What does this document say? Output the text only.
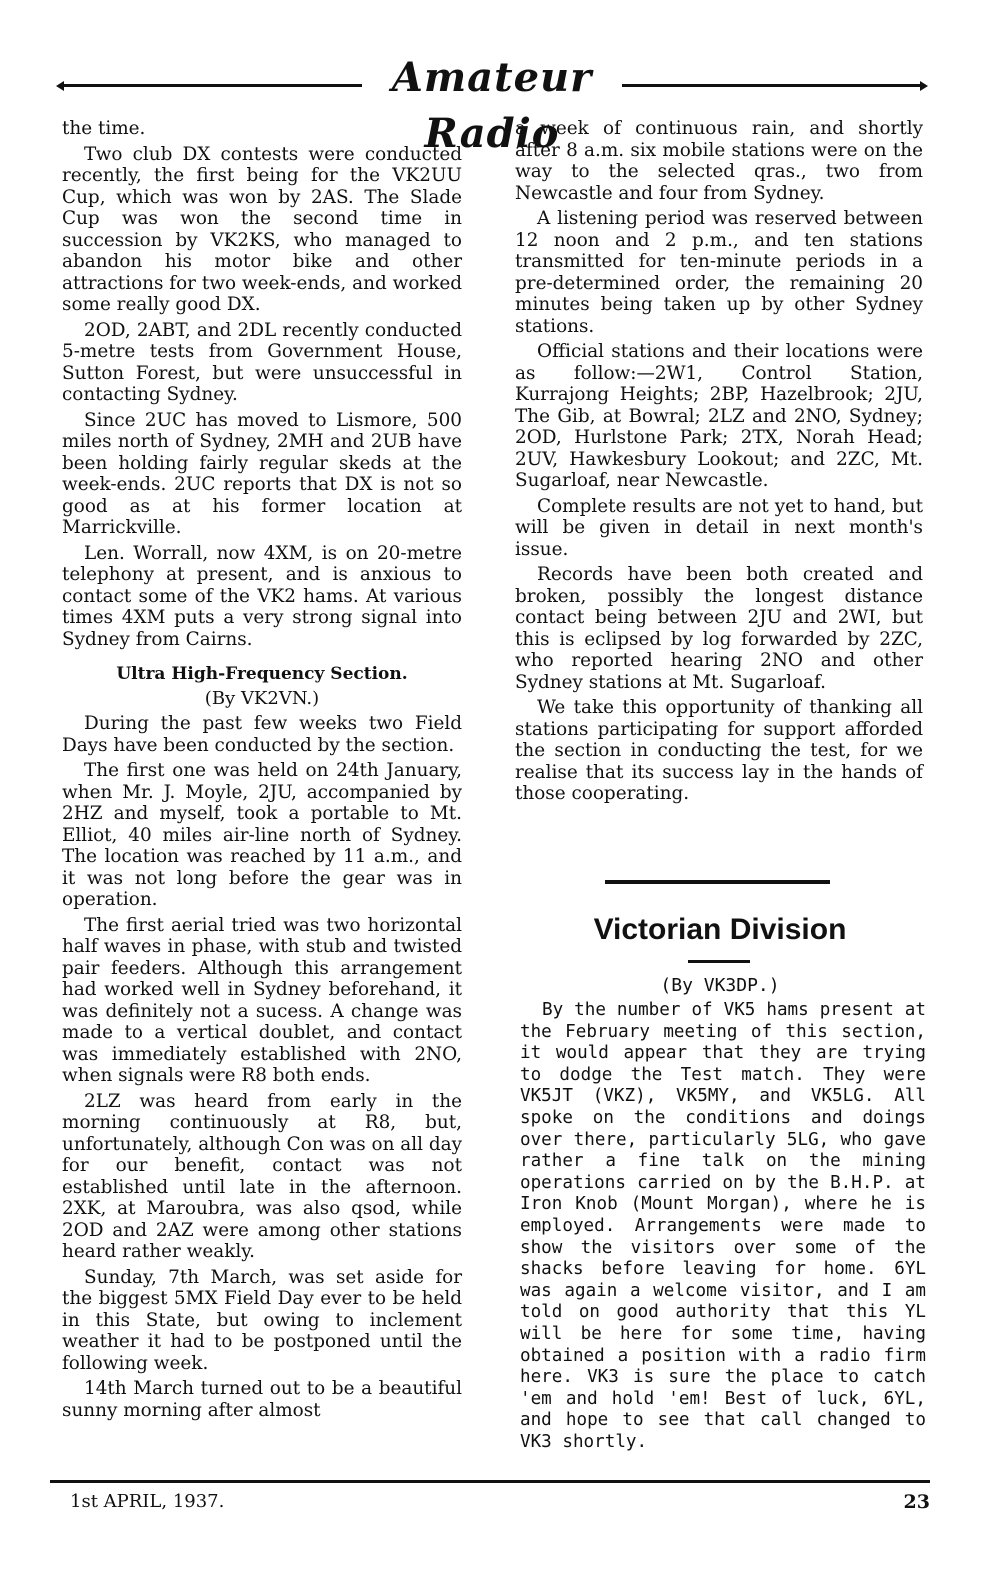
Amateur Radio

the time.

Two club DX contests were conducted recently, the first being for the VK2UU Cup, which was won by 2AS. The Slade Cup was won the second time in succession by VK2KS, who managed to abandon his motor bike and other attractions for two week-ends, and worked some really good DX.

2OD, 2ABT, and 2DL recently conducted 5-metre tests from Government House, Sutton Forest, but were unsuccessful in contacting Sydney.

Since 2UC has moved to Lismore, 500 miles north of Sydney, 2MH and 2UB have been holding fairly regular skeds at the week-ends. 2UC reports that DX is not so good as at his former location at Marrickville.

Len. Worrall, now 4XM, is on 20-metre telephony at present, and is anxious to contact some of the VK2 hams. At various times 4XM puts a very strong signal into Sydney from Cairns.

Ultra High-Frequency Section.
(By VK2VN.)

During the past few weeks two Field Days have been conducted by the section.

The first one was held on 24th January, when Mr. J. Moyle, 2JU, accompanied by 2HZ and myself, took a portable to Mt. Elliot, 40 miles air-line north of Sydney. The location was reached by 11 a.m., and it was not long before the gear was in operation.

The first aerial tried was two horizontal half waves in phase, with stub and twisted pair feeders. Although this arrangement had worked well in Sydney beforehand, it was definitely not a sucess. A change was made to a vertical doublet, and contact was immediately established with 2NO, when signals were R8 both ends.

2LZ was heard from early in the morning continuously at R8, but, unfortunately, although Con was on all day for our benefit, contact was not established until late in the afternoon. 2XK, at Maroubra, was also qsod, while 2OD and 2AZ were among other stations heard rather weakly.

Sunday, 7th March, was set aside for the biggest 5MX Field Day ever to be held in this State, but owing to inclement weather it had to be postponed until the following week.

14th March turned out to be a beautiful sunny morning after almost

a week of continuous rain, and shortly after 8 a.m. six mobile stations were on the way to the selected qras., two from Newcastle and four from Sydney.

A listening period was reserved between 12 noon and 2 p.m., and ten stations transmitted for ten-minute periods in a pre-determined order, the remaining 20 minutes being taken up by other Sydney stations.

Official stations and their locations were as follow:—2W1, Control Station, Kurrajong Heights; 2BP, Hazelbrook; 2JU, The Gib, at Bowral; 2LZ and 2NO, Sydney; 2OD, Hurlstone Park; 2TX, Norah Head; 2UV, Hawkesbury Lookout; and 2ZC, Mt. Sugarloaf, near Newcastle.

Complete results are not yet to hand, but will be given in detail in next month's issue.

Records have been both created and broken, possibly the longest distance contact being between 2JU and 2WI, but this is eclipsed by log forwarded by 2ZC, who reported hearing 2NO and other Sydney stations at Mt. Sugarloaf.

We take this opportunity of thanking all stations participating for support afforded the section in conducting the test, for we realise that its success lay in the hands of those cooperating.

Victorian Division
(By VK3DP.)

By the number of VK5 hams present at the February meeting of this section, it would appear that they are trying to dodge the Test match. They were VK5JT (VKZ), VK5MY, and VK5LG. All spoke on the conditions and doings over there, particularly 5LG, who gave rather a fine talk on the mining operations carried on by the B.H.P. at Iron Knob (Mount Morgan), where he is employed. Arrangements were made to show the visitors over some of the shacks before leaving for home. 6YL was again a welcome visitor, and I am told on good authority that this YL will be here for some time, having obtained a position with a radio firm here. VK3 is sure the place to catch 'em and hold 'em! Best of luck, 6YL, and hope to see that call changed to VK3 shortly.

1st APRIL, 1937.	23
